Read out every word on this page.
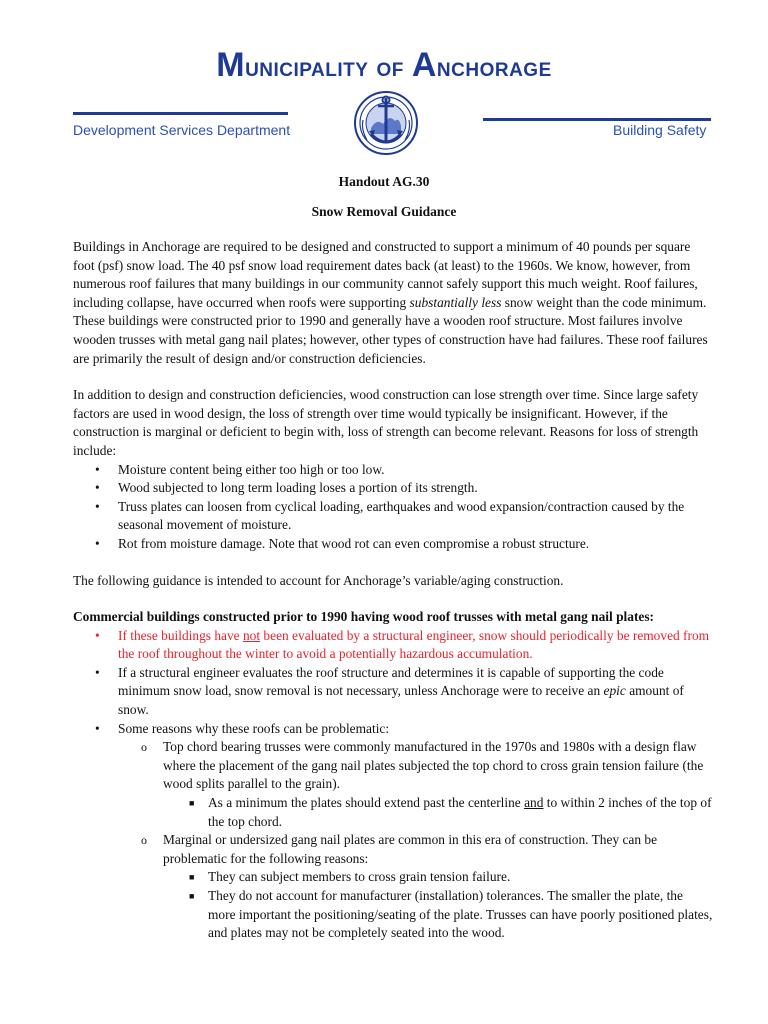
Municipality of Anchorage
Development Services Department	Building Safety
Handout AG.30
Snow Removal Guidance

Buildings in Anchorage are required to be designed and constructed to support a minimum of 40 pounds per square foot (psf) snow load. The 40 psf snow load requirement dates back (at least) to the 1960s. We know, however, from numerous roof failures that many buildings in our community cannot safely support this much weight. Roof failures, including collapse, have occurred when roofs were supporting substantially less snow weight than the code minimum. These buildings were constructed prior to 1990 and generally have a wooden roof structure. Most failures involve wooden trusses with metal gang nail plates; however, other types of construction have had failures. These roof failures are primarily the result of design and/or construction deficiencies.

In addition to design and construction deficiencies, wood construction can lose strength over time. Since large safety factors are used in wood design, the loss of strength over time would typically be insignificant. However, if the construction is marginal or deficient to begin with, loss of strength can become relevant. Reasons for loss of strength include:

• Moisture content being either too high or too low.
• Wood subjected to long term loading loses a portion of its strength.
• Truss plates can loosen from cyclical loading, earthquakes and wood expansion/contraction caused by the seasonal movement of moisture.
• Rot from moisture damage. Note that wood rot can even compromise a robust structure.

The following guidance is intended to account for Anchorage’s variable/aging construction.

Commercial buildings constructed prior to 1990 having wood roof trusses with metal gang nail plates:
• If these buildings have not been evaluated by a structural engineer, snow should periodically be removed from the roof throughout the winter to avoid a potentially hazardous accumulation.
• If a structural engineer evaluates the roof structure and determines it is capable of supporting the code minimum snow load, snow removal is not necessary, unless Anchorage were to receive an epic amount of snow.
• Some reasons why these roofs can be problematic:
o Top chord bearing trusses were commonly manufactured in the 1970s and 1980s with a design flaw where the placement of the gang nail plates subjected the top chord to cross grain tension failure (the wood splits parallel to the grain).
■ As a minimum the plates should extend past the centerline and to within 2 inches of the top of the top chord.
o Marginal or undersized gang nail plates are common in this era of construction. They can be problematic for the following reasons:
■ They can subject members to cross grain tension failure.
■ They do not account for manufacturer (installation) tolerances. The smaller the plate, the more important the positioning/seating of the plate. Trusses can have poorly positioned plates, and plates may not be completely seated into the wood.
